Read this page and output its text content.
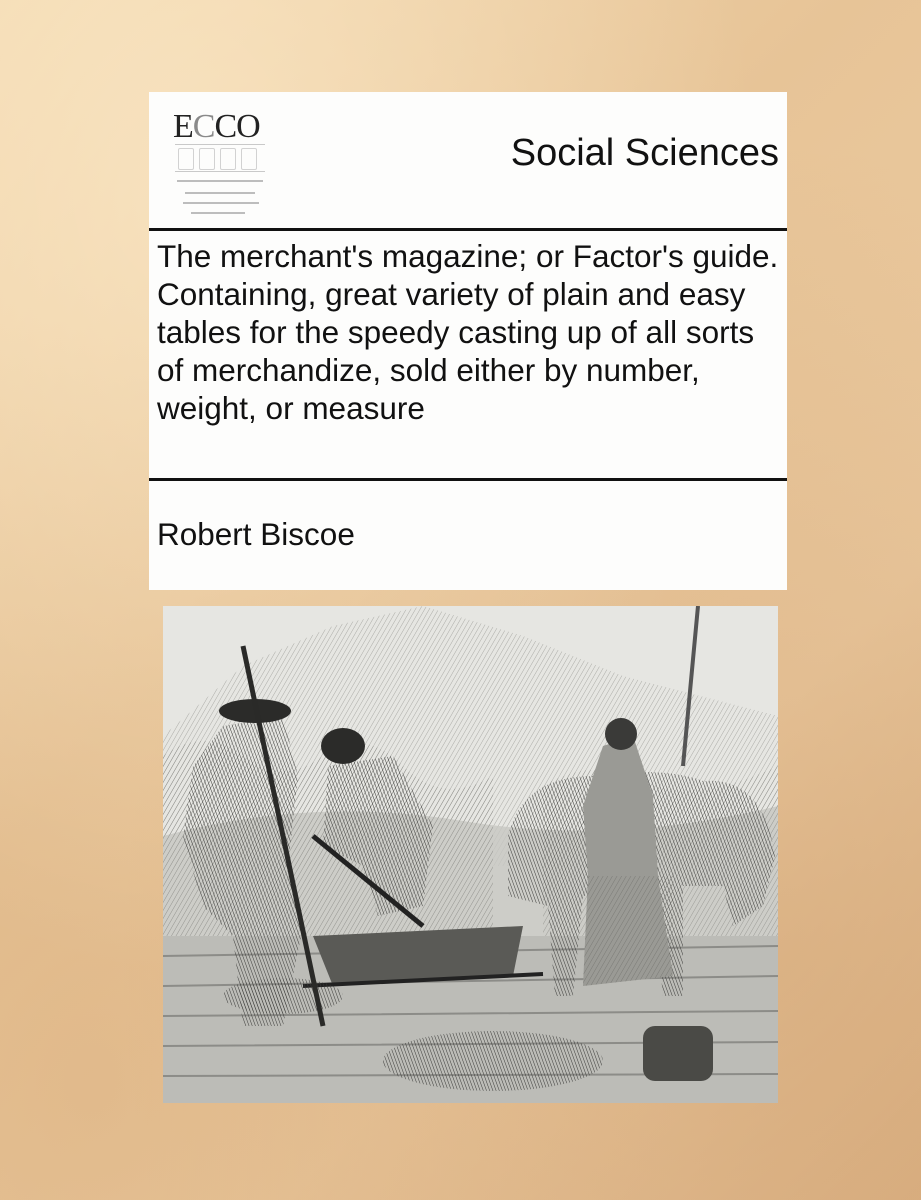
ECCO
Social Sciences
The merchant's magazine; or Factor's guide. Containing, great variety of plain and easy tables for the speedy casting up of all sorts of merchandize, sold either by number, weight, or measure
Robert Biscoe
